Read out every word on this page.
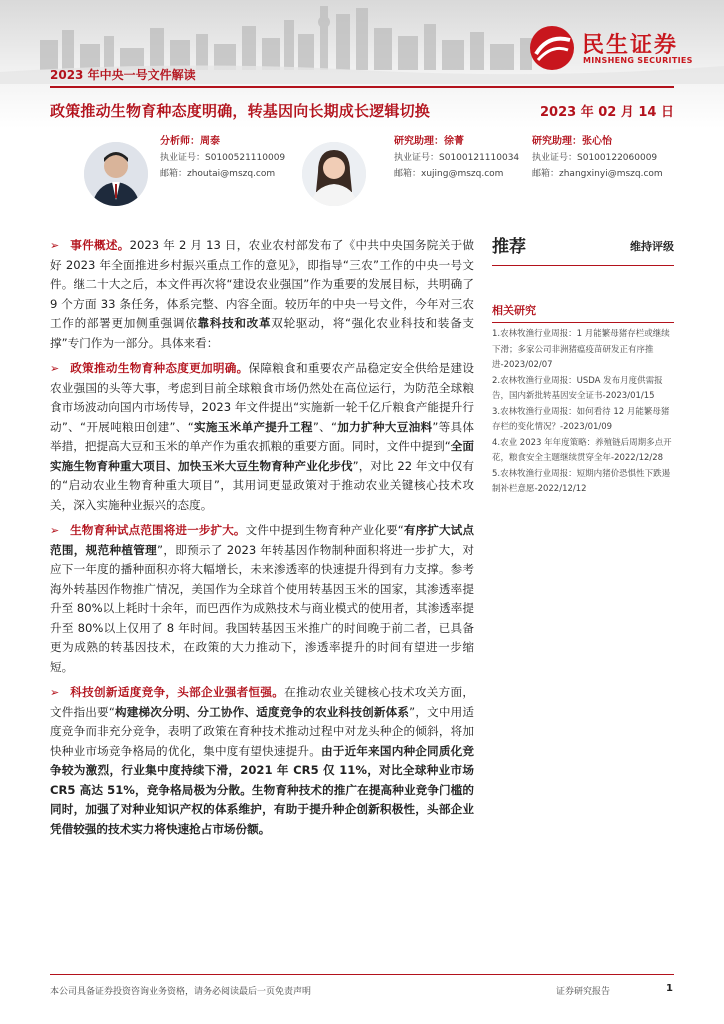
民生证券
MINSHENG SECURITIES
2023 年中央一号文件解读
政策推动生物育种态度明确，转基因向长期成长逻辑切换	2023 年 02 月 14 日
分析师：周泰
执业证号：S0100521110009
邮箱：zhoutai@mszq.com
研究助理：徐菁
执业证号：S0100121110034
邮箱：xujing@mszq.com
研究助理：张心怡
执业证号：S0100122060009
邮箱：zhangxinyi@mszq.com

➢ 事件概述。2023 年 2 月 13 日，农业农村部发布了《中共中央国务院关于做好 2023 年全面推进乡村振兴重点工作的意见》，即指导“三农”工作的中央一号文件。继二十大之后，本文件再次将“建设农业强国”作为重要的发展目标，共明确了 9 个方面 33 条任务，体系完整、内容全面。较历年的中央一号文件，今年对三农工作的部署更加侧重强调依靠科技和改革双轮驱动，将“强化农业科技和装备支撑”专门作为一部分。具体来看：

➢ 政策推动生物育种态度更加明确。保障粮食和重要农产品稳定安全供给是建设农业强国的头等大事，考虑到目前全球粮食市场仍然处在高位运行，为防范全球粮食市场波动向国内市场传导，2023 年文件提出“实施新一轮千亿斤粮食产能提升行动”、“开展吨粮田创建”、“实施玉米单产提升工程”、“加力扩种大豆油料”等具体举措，把提高大豆和玉米的单产作为重农抓粮的重要方面。同时，文件中提到“全面实施生物育种重大项目、加快玉米大豆生物育种产业化步伐”，对比 22 年文中仅有的“启动农业生物育种重大项目”，其用词更显政策对于推动农业关键核心技术攻关，深入实施种业振兴的态度。

➢ 生物育种试点范围将进一步扩大。文件中提到生物育种产业化要“有序扩大试点范围，规范种植管理”，即预示了 2023 年转基因作物制种面积将进一步扩大，对应下一年度的播种面积亦将大幅增长，未来渗透率的快速提升得到有力支撑。参考海外转基因作物推广情况，美国作为全球首个使用转基因玉米的国家，其渗透率提升至 80%以上耗时十余年，而巴西作为成熟技术与商业模式的使用者，其渗透率提升至 80%以上仅用了 8 年时间。我国转基因玉米推广的时间晚于前二者，已具备更为成熟的转基因技术，在政策的大力推动下，渗透率提升的时间有望进一步缩短。

➢ 科技创新适度竞争，头部企业强者恒强。在推动农业关键核心技术攻关方面，文件指出要“构建梯次分明、分工协作、适度竞争的农业科技创新体系”，文中用适度竞争而非充分竞争，表明了政策在育种技术推动过程中对龙头种企的倾斜，将加快种业市场竞争格局的优化，集中度有望快速提升。由于近年来国内种企同质化竞争较为激烈，行业集中度持续下滑，2021 年 CR5 仅 11%，对比全球种业市场 CR5 高达 51%，竞争格局极为分散。生物育种技术的推广在提高种业竞争门槛的同时，加强了对种业知识产权的体系维护，有助于提升种企创新积极性，头部企业凭借较强的技术实力将快速抢占市场份额。

推荐	维持评级
相关研究
1.农林牧渔行业周报：1 月能繁母猪存栏或继续下滑；多家公司非洲猪瘟疫苗研发正有序推进-2023/02/07
2.农林牧渔行业周报：USDA 发布月度供需报告，国内新批转基因安全证书-2023/01/15
3.农林牧渔行业周报：如何看待 12 月能繁母猪存栏的变化情况？-2023/01/09
4.农业 2023 年年度策略：养殖链后周期多点开花，粮食安全主题继续贯穿全年-2022/12/28
5.农林牧渔行业周报：短期内猪价恐惧性下跌遏制补栏意愿-2022/12/12
本公司具备证券投资咨询业务资格，请务必阅读最后一页免责声明	证券研究报告	1
